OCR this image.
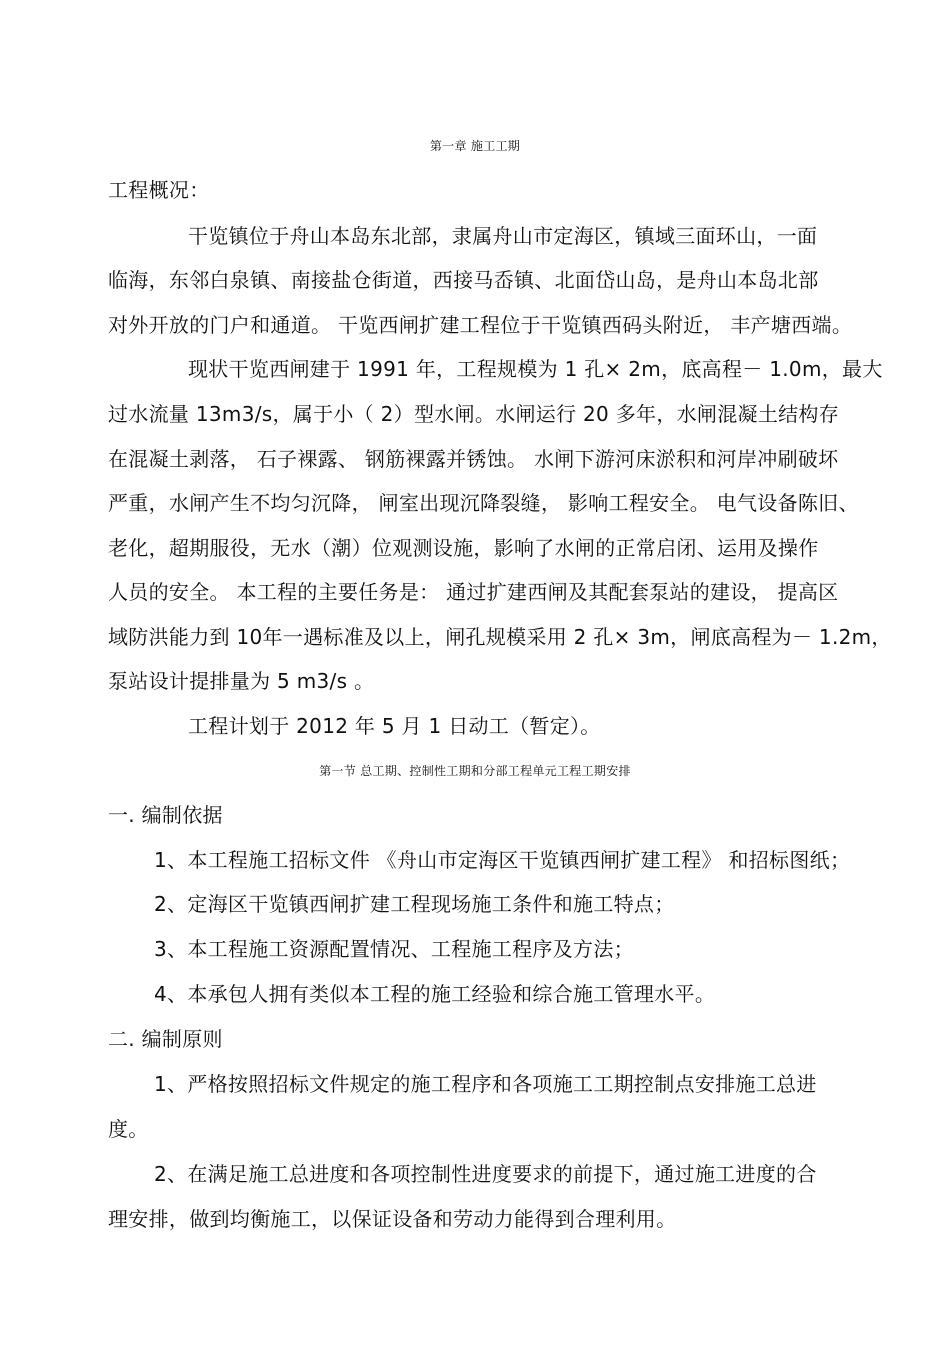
第一章 施工工期
工程概况：
干览镇位于舟山本岛东北部，隶属舟山市定海区，镇域三面环山，一面
临海，东邻白泉镇、南接盐仓街道，西接马岙镇、北面岱山岛，是舟山本岛北部
对外开放的门户和通道。 干览西闸扩建工程位于干览镇西码头附近， 丰产塘西端。
现状干览西闸建于 1991 年，工程规模为 1 孔× 2m，底高程－ 1.0m，最大
过水流量 13m3/s，属于小（ 2）型水闸。水闸运行 20 多年，水闸混凝土结构存
在混凝土剥落， 石子裸露、 钢筋裸露并锈蚀。 水闸下游河床淤积和河岸冲刷破坏
严重，水闸产生不均匀沉降， 闸室出现沉降裂缝， 影响工程安全。 电气设备陈旧、
老化，超期服役，无水（潮）位观测设施，影响了水闸的正常启闭、运用及操作
人员的安全。 本工程的主要任务是： 通过扩建西闸及其配套泵站的建设， 提高区
域防洪能力到 10年一遇标准及以上，闸孔规模采用 2 孔× 3m，闸底高程为－ 1.2m，
泵站设计提排量为 5 m3/s 。
工程计划于 2012 年 5 月 1 日动工（暂定）。
第一节 总工期、控制性工期和分部工程单元工程工期安排
一. 编制依据
1、本工程施工招标文件 《舟山市定海区干览镇西闸扩建工程》 和招标图纸；
2、定海区干览镇西闸扩建工程现场施工条件和施工特点；
3、本工程施工资源配置情况、工程施工程序及方法；
4、本承包人拥有类似本工程的施工经验和综合施工管理水平。
二. 编制原则
1、严格按照招标文件规定的施工程序和各项施工工期控制点安排施工总进
度。
2、在满足施工总进度和各项控制性进度要求的前提下，通过施工进度的合
理安排，做到均衡施工，以保证设备和劳动力能得到合理利用。
